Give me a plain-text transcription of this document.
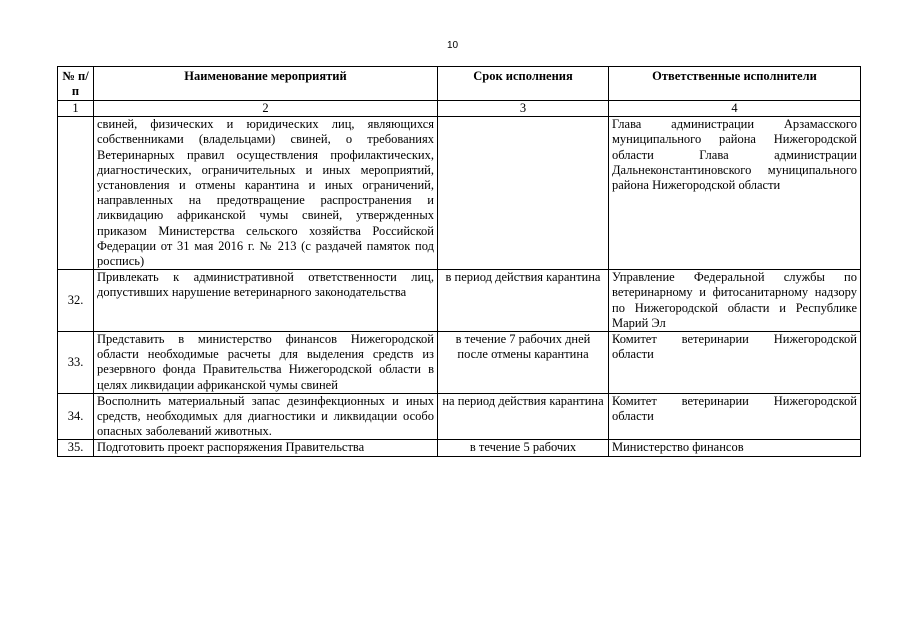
10
№ п/п	Наименование мероприятий	Срок исполнения	Ответственные исполнители
1	2	3	4
	свиней, физических и юридических лиц, являющихся собственниками (владельцами) свиней, о требованиях Ветеринарных правил осуществления профилактических, диагностических, ограничительных и иных мероприятий, установления и отмены карантина и иных ограничений, направленных на предотвращение распространения и ликвидацию африканской чумы свиней, утвержденных приказом Министерства сельского хозяйства Российской Федерации от 31 мая 2016 г. № 213 (с раздачей памяток под роспись)		Глава администрации Арзамасского муниципального района Нижегородской области Глава администрации Дальнеконстантиновского муниципального района Нижегородской области
32.	Привлекать к административной ответственности лиц, допустивших нарушение ветеринарного законодательства	в период действия карантина	Управление Федеральной службы по ветеринарному и фитосанитарному надзору по Нижегородской области и Республике Марий Эл
33.	Представить в министерство финансов Нижегородской области необходимые расчеты для выделения средств из резервного фонда Правительства Нижегородской области в целях ликвидации африканской чумы свиней	в течение 7 рабочих дней после отмены карантина	Комитет ветеринарии Нижегородской области
34.	Восполнить материальный запас дезинфекционных и иных средств, необходимых для диагностики и ликвидации особо опасных заболеваний животных.	на период действия карантина	Комитет ветеринарии Нижегородской области
35.	Подготовить проект распоряжения Правительства	в течение 5 рабочих	Министерство финансов
